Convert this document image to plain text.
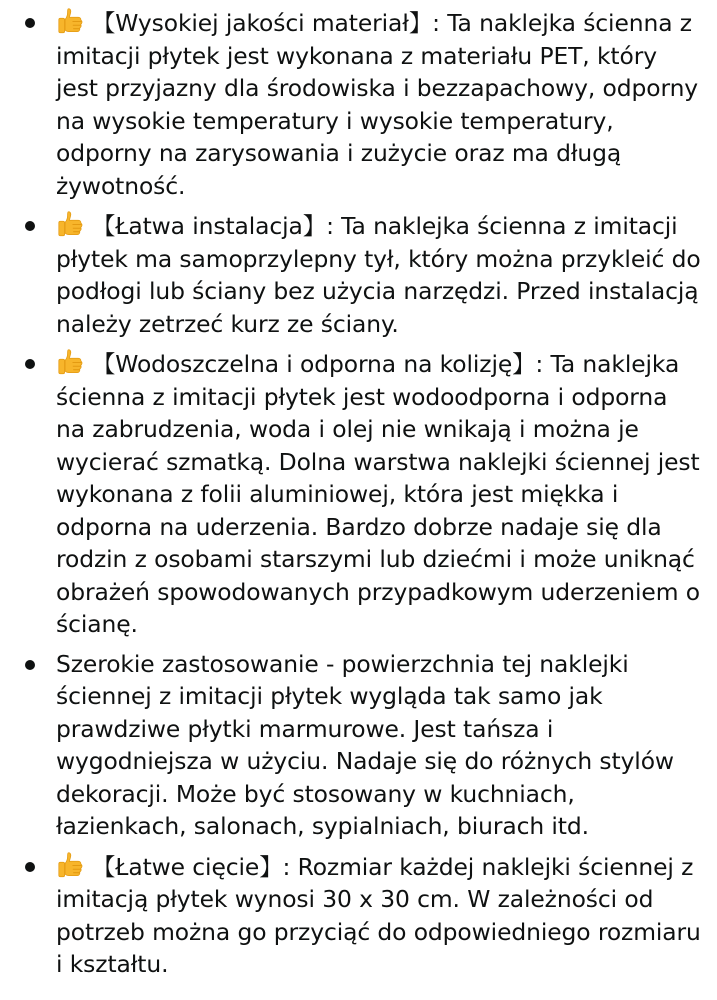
【Wysokiej jakości materiał】: Ta naklejka ścienna z imitacji płytek jest wykonana z materiału PET, który jest przyjazny dla środowiska i bezzapachowy, odporny na wysokie temperatury i wysokie temperatury, odporny na zarysowania i zużycie oraz ma długą żywotność.
【Łatwa instalacja】: Ta naklejka ścienna z imitacji płytek ma samoprzylepny tył, który można przykleić do podłogi lub ściany bez użycia narzędzi. Przed instalacją należy zetrzeć kurz ze ściany.
【Wodoszczelna i odporna na kolizję】: Ta naklejka ścienna z imitacji płytek jest wodoodporna i odporna na zabrudzenia, woda i olej nie wnikają i można je wycierać szmatką. Dolna warstwa naklejki ściennej jest wykonana z folii aluminiowej, która jest miękka i odporna na uderzenia. Bardzo dobrze nadaje się dla rodzin z osobami starszymi lub dziećmi i może uniknąć obrażeń spowodowanych przypadkowym uderzeniem o ścianę.
Szerokie zastosowanie - powierzchnia tej naklejki ściennej z imitacji płytek wygląda tak samo jak prawdziwe płytki marmurowe. Jest tańsza i wygodniejsza w użyciu. Nadaje się do różnych stylów dekoracji. Może być stosowany w kuchniach, łazienkach, salonach, sypialniach, biurach itd.
【Łatwe cięcie】: Rozmiar każdej naklejki ściennej z imitacją płytek wynosi 30 x 30 cm. W zależności od potrzeb można go przyciąć do odpowiedniego rozmiaru i kształtu.
